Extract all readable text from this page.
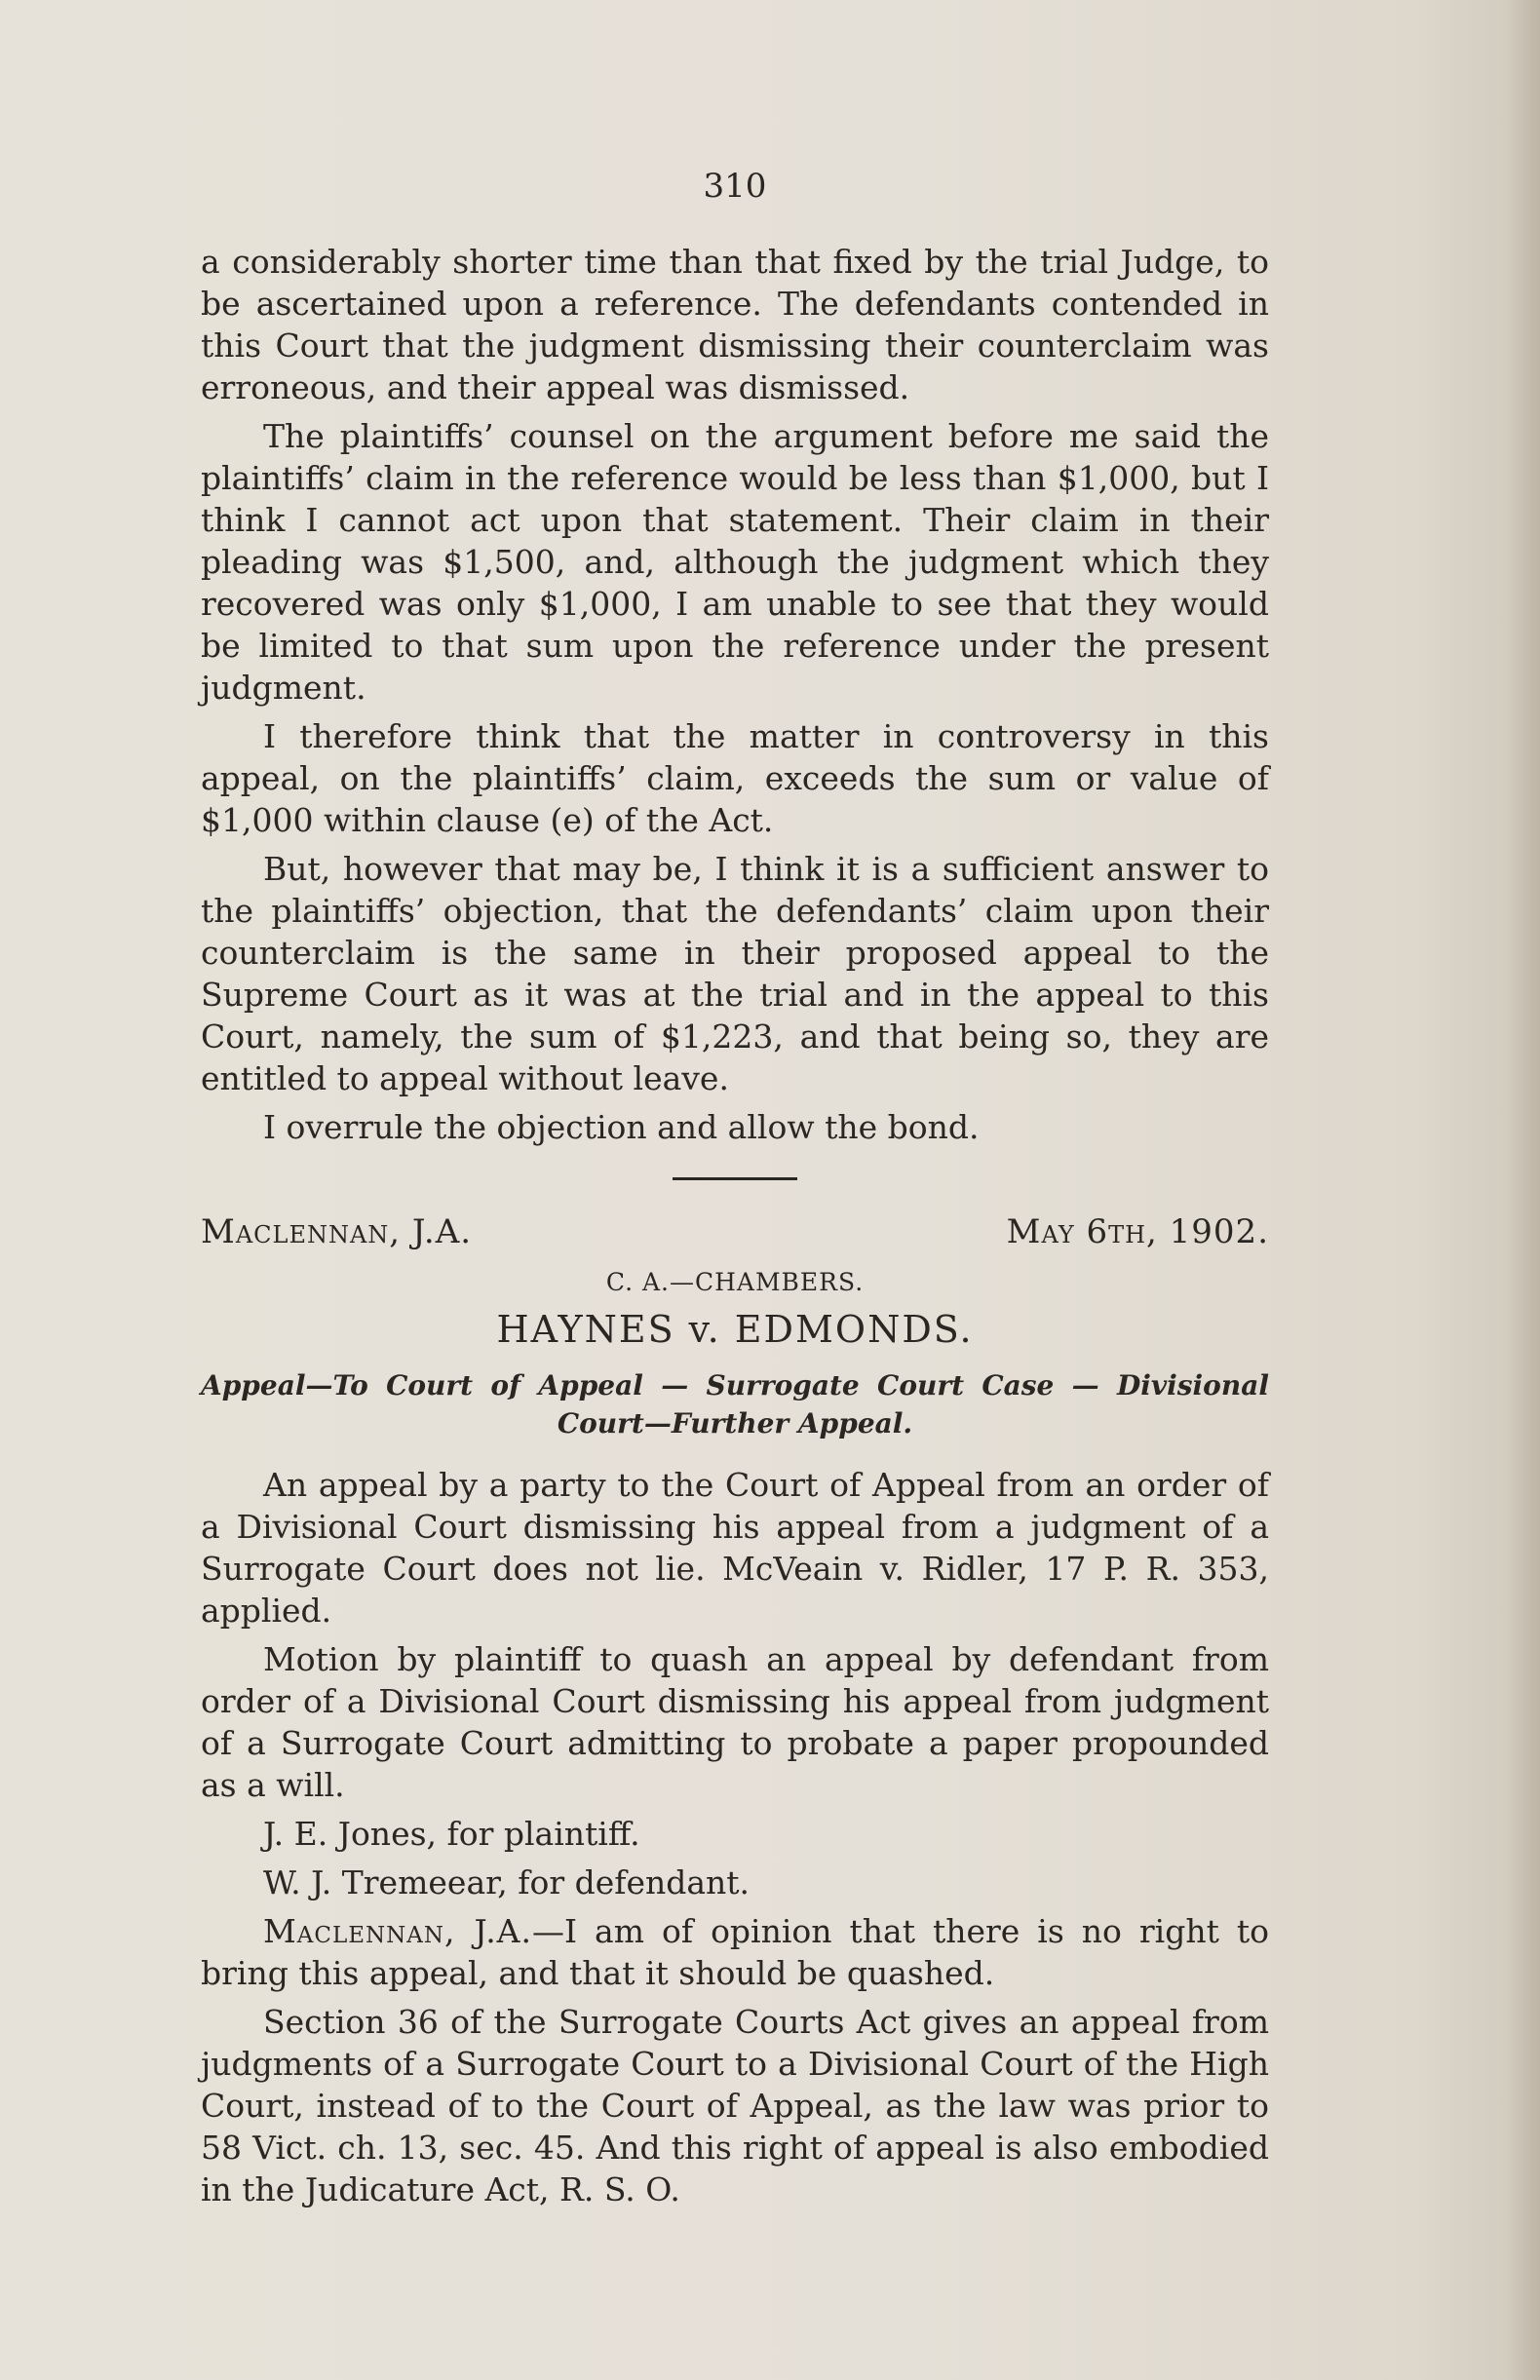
310

a considerably shorter time than that fixed by the trial Judge, to be ascertained upon a reference. The defendants contended in this Court that the judgment dismissing their counterclaim was erroneous, and their appeal was dismissed.

The plaintiffs’ counsel on the argument before me said the plaintiffs’ claim in the reference would be less than $1,000, but I think I cannot act upon that statement. Their claim in their pleading was $1,500, and, although the judgment which they recovered was only $1,000, I am unable to see that they would be limited to that sum upon the reference under the present judgment.

I therefore think that the matter in controversy in this appeal, on the plaintiffs’ claim, exceeds the sum or value of $1,000 within clause (e) of the Act.

But, however that may be, I think it is a sufficient answer to the plaintiffs’ objection, that the defendants’ claim upon their counterclaim is the same in their proposed appeal to the Supreme Court as it was at the trial and in the appeal to this Court, namely, the sum of $1,223, and that being so, they are entitled to appeal without leave.

I overrule the objection and allow the bond.

Maclennan, J.A.	May 6th, 1902.
C. A.—CHAMBERS.
HAYNES v. EDMONDS.
Appeal—To Court of Appeal — Surrogate Court Case — Divisional Court—Further Appeal.

An appeal by a party to the Court of Appeal from an order of a Divisional Court dismissing his appeal from a judgment of a Surrogate Court does not lie. McVeain v. Ridler, 17 P. R. 353, applied.

Motion by plaintiff to quash an appeal by defendant from order of a Divisional Court dismissing his appeal from judgment of a Surrogate Court admitting to probate a paper propounded as a will.

J. E. Jones, for plaintiff.

W. J. Tremeear, for defendant.

Maclennan, J.A.—I am of opinion that there is no right to bring this appeal, and that it should be quashed.

Section 36 of the Surrogate Courts Act gives an appeal from judgments of a Surrogate Court to a Divisional Court of the High Court, instead of to the Court of Appeal, as the law was prior to 58 Vict. ch. 13, sec. 45. And this right of appeal is also embodied in the Judicature Act, R. S. O.
